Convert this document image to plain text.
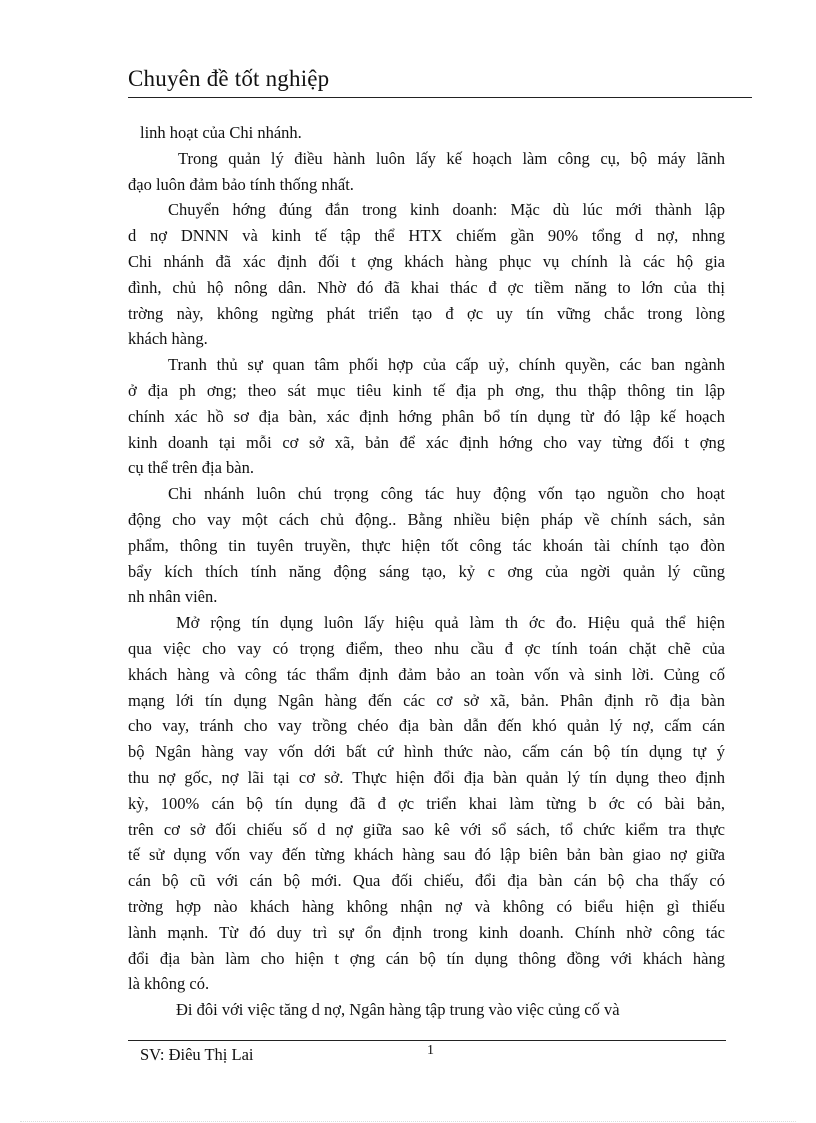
Chuyên đề tốt nghiệp
linh hoạt của Chi nhánh.
Trong quản lý điều hành luôn lấy kế hoạch làm công cụ, bộ máy lãnh
đạo luôn đảm bảo tính thống nhất.
Chuyển hớng đúng đắn trong kinh doanh: Mặc dù lúc mới thành lập
d nợ DNNN và kinh tế tập thể HTX chiếm gần 90% tổng d nợ, nhng
Chi nhánh đã xác định đối t ợng khách hàng phục vụ chính là các hộ gia
đình, chủ hộ nông dân. Nhờ đó đã khai thác đ ợc tiềm năng to lớn của thị
trờng này, không ngừng phát triển tạo đ ợc uy tín vững chắc trong lòng
khách hàng.
Tranh thủ sự quan tâm phối hợp của cấp uỷ, chính quyền, các ban ngành
ở địa ph ơng; theo sát mục tiêu kinh tế địa ph ơng, thu thập thông tin lập
chính xác hồ sơ địa bàn, xác định hớng phân bổ tín dụng từ đó lập kế hoạch
kinh doanh tại mỗi cơ sở xã, bản để xác định hớng cho vay từng đối t ợng
cụ thể trên địa bàn.
Chi nhánh luôn chú trọng công tác huy động vốn tạo nguồn cho hoạt
động cho vay một cách chủ động.. Bằng nhiều biện pháp về chính sách, sản
phẩm, thông tin tuyên truyền, thực hiện tốt công tác khoán tài chính tạo đòn
bẩy kích thích tính năng động sáng tạo, kỷ c ơng của ngời quản lý cũng
nh nhân viên.
Mở rộng tín dụng luôn lấy hiệu quả làm th ớc đo. Hiệu quả thể hiện
qua việc cho vay có trọng điểm, theo nhu cầu đ ợc tính toán chặt chẽ của
khách hàng và công tác thẩm định đảm bảo an toàn vốn và sinh lời. Củng cố
mạng lới tín dụng Ngân hàng đến các cơ sở xã, bản. Phân định rõ địa bàn
cho vay, tránh cho vay trồng chéo địa bàn dẫn đến khó quản lý nợ, cấm cán
bộ Ngân hàng vay vốn dới bất cứ hình thức nào, cấm cán bộ tín dụng tự ý
thu nợ gốc, nợ lãi tại cơ sở. Thực hiện đổi địa bàn quản lý tín dụng theo định
kỳ, 100% cán bộ tín dụng đã đ ợc triển khai làm từng b ớc có bài bản,
trên cơ sở đối chiếu số d nợ giữa sao kê với sổ sách, tổ chức kiểm tra thực
tế sử dụng vốn vay đến từng khách hàng sau đó lập biên bản bàn giao nợ giữa
cán bộ cũ với cán bộ mới. Qua đối chiếu, đổi địa bàn cán bộ cha thấy có
trờng hợp nào khách hàng không nhận nợ và không có biểu hiện gì thiếu
lành mạnh. Từ đó duy trì sự ổn định trong kinh doanh. Chính nhờ công tác
đổi địa bàn làm cho hiện t ợng cán bộ tín dụng thông đồng với khách hàng
là không có.
Đi đôi với việc tăng d nợ, Ngân hàng tập trung vào việc củng cố và
SV: Điêu Thị Lai	1
